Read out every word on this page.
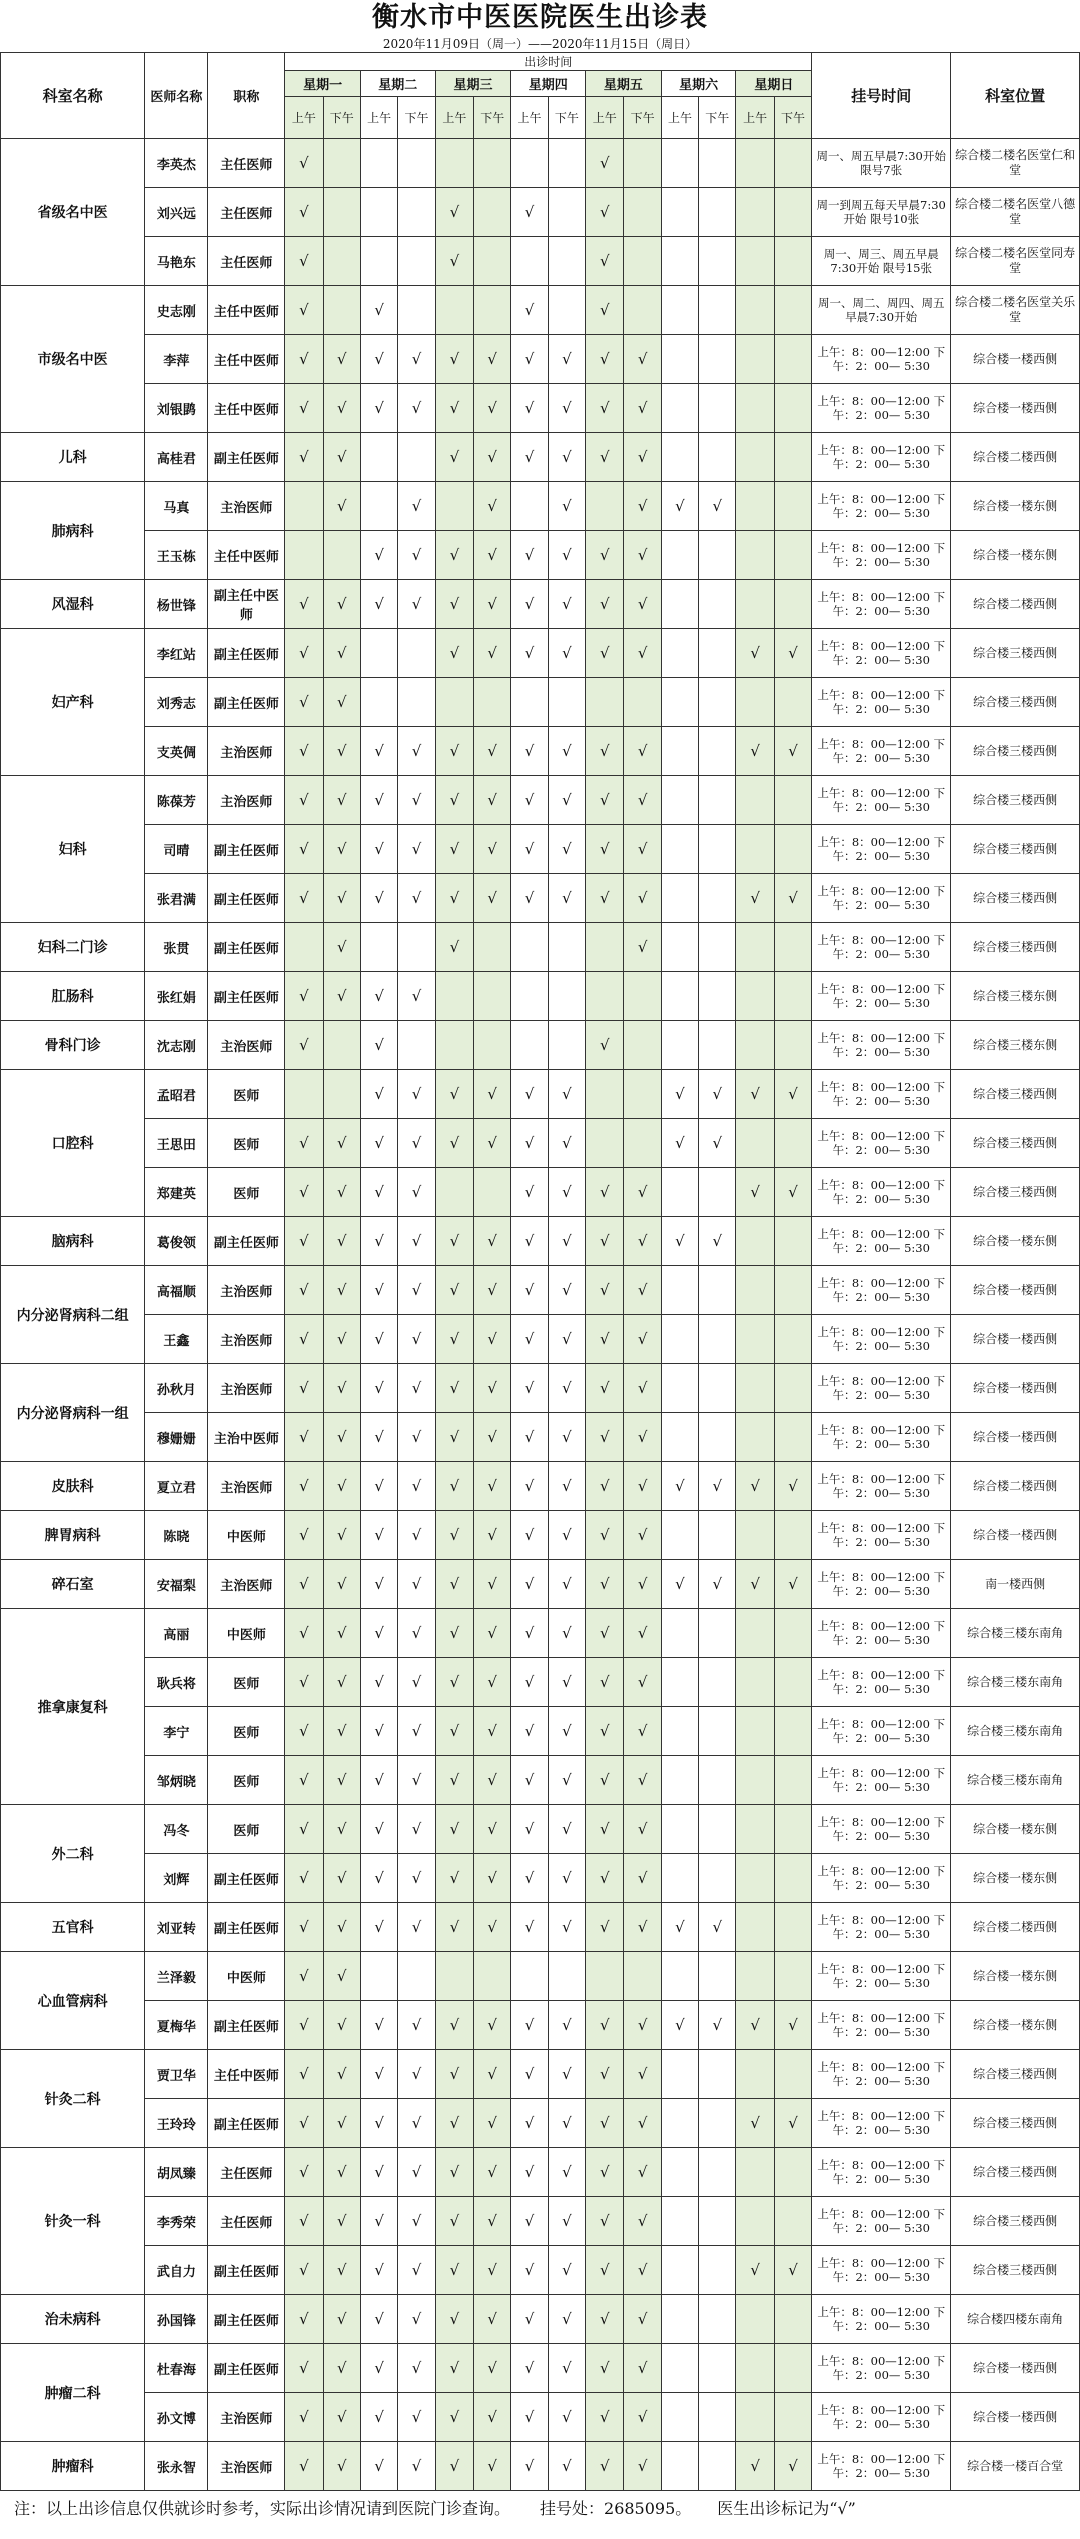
衡水市中医医院医生出诊表
2020年11月09日（周一）——2020年11月15日（周日）
科室名称	医师名称	职称	出诊时间														挂号时间	科室位置
			星期一		星期二		星期三		星期四		星期五		星期六		星期日			
			上午	下午	上午	下午	上午	下午	上午	下午	上午	下午	上午	下午	上午	下午		
省级名中医	李英杰	主任医师	√								√						周一、周五早晨7:30开始 限号7张	综合楼二楼名医堂仁和堂
	刘兴远	主任医师	√				√		√		√						周一到周五每天早晨7:30开始 限号10张	综合楼二楼名医堂八德堂
	马艳东	主任医师	√				√				√						周一、周三、周五早晨7:30开始 限号15张	综合楼二楼名医堂同寿堂
市级名中医	史志刚	主任中医师	√		√				√		√						周一、周二、周四、周五 早晨7:30开始	综合楼二楼名医堂关乐堂
	李萍	主任中医师	√	√	√	√	√	√	√	√	√	√					上午：8：00—12:00 下午：2：00— 5:30	综合楼一楼西侧
	刘银鹍	主任中医师	√	√	√	√	√	√	√	√	√	√					上午：8：00—12:00 下午：2：00— 5:30	综合楼一楼西侧
儿科	高桂君	副主任医师	√	√			√	√	√	√	√	√					上午：8：00—12:00 下午：2：00— 5:30	综合楼二楼西侧
肺病科	马真	主治医师		√		√		√		√		√	√	√			上午：8：00—12:00 下午：2：00— 5:30	综合楼一楼东侧
	王玉栋	主任中医师			√	√	√	√	√	√	√	√					上午：8：00—12:00 下午：2：00— 5:30	综合楼一楼东侧
风湿科	杨世锋	副主任中医师	√	√	√	√	√	√	√	√	√	√					上午：8：00—12:00 下午：2：00— 5:30	综合楼二楼西侧
妇产科	李红站	副主任医师	√	√			√	√	√	√	√	√			√	√	上午：8：00—12:00 下午：2：00— 5:30	综合楼三楼西侧
	刘秀志	副主任医师	√	√													上午：8：00—12:00 下午：2：00— 5:30	综合楼三楼西侧
	支英倜	主治医师	√	√	√	√	√	√	√	√	√	√			√	√	上午：8：00—12:00 下午：2：00— 5:30	综合楼三楼西侧
妇科	陈葆芳	主治医师	√	√	√	√	√	√	√	√	√	√					上午：8：00—12:00 下午：2：00— 5:30	综合楼三楼西侧
	司晴	副主任医师	√	√	√	√	√	√	√	√	√	√					上午：8：00—12:00 下午：2：00— 5:30	综合楼三楼西侧
	张君满	副主任医师	√	√	√	√	√	√	√	√	√	√			√	√	上午：8：00—12:00 下午：2：00— 5:30	综合楼三楼西侧
妇科二门诊	张贯	副主任医师		√			√					√					上午：8：00—12:00 下午：2：00— 5:30	综合楼三楼西侧
肛肠科	张红娟	副主任医师	√	√	√	√											上午：8：00—12:00 下午：2：00— 5:30	综合楼三楼东侧
骨科门诊	沈志刚	主治医师	√		√						√						上午：8：00—12:00 下午：2：00— 5:30	综合楼三楼东侧
口腔科	孟昭君	医师			√	√	√	√	√	√			√	√	√	√	上午：8：00—12:00 下午：2：00— 5:30	综合楼三楼西侧
	王思田	医师	√	√	√	√	√	√	√	√			√	√			上午：8：00—12:00 下午：2：00— 5:30	综合楼三楼西侧
	郑建英	医师	√	√	√	√			√	√	√	√			√	√	上午：8：00—12:00 下午：2：00— 5:30	综合楼三楼西侧
脑病科	葛俊领	副主任医师	√	√	√	√	√	√	√	√	√	√	√	√			上午：8：00—12:00 下午：2：00— 5:30	综合楼一楼东侧
内分泌肾病科二组	高福顺	主治医师	√	√	√	√	√	√	√	√	√	√					上午：8：00—12:00 下午：2：00— 5:30	综合楼一楼西侧
	王鑫	主治医师	√	√	√	√	√	√	√	√	√	√					上午：8：00—12:00 下午：2：00— 5:30	综合楼一楼西侧
内分泌肾病科一组	孙秋月	主治医师	√	√	√	√	√	√	√	√	√	√					上午：8：00—12:00 下午：2：00— 5:30	综合楼一楼西侧
	穆姗姗	主治中医师	√	√	√	√	√	√	√	√	√	√					上午：8：00—12:00 下午：2：00— 5:30	综合楼一楼西侧
皮肤科	夏立君	主治医师	√	√	√	√	√	√	√	√	√	√	√	√	√	√	上午：8：00—12:00 下午：2：00— 5:30	综合楼二楼西侧
脾胃病科	陈晓	中医师	√	√	√	√	√	√	√	√	√	√					上午：8：00—12:00 下午：2：00— 5:30	综合楼一楼西侧
碎石室	安福梨	主治医师	√	√	√	√	√	√	√	√	√	√	√	√	√	√	上午：8：00—12:00 下午：2：00— 5:30	南一楼西侧
推拿康复科	高丽	中医师	√	√	√	√	√	√	√	√	√	√					上午：8：00—12:00 下午：2：00— 5:30	综合楼三楼东南角
	耿兵将	医师	√	√	√	√	√	√	√	√	√	√					上午：8：00—12:00 下午：2：00— 5:30	综合楼三楼东南角
	李宁	医师	√	√	√	√	√	√	√	√	√	√					上午：8：00—12:00 下午：2：00— 5:30	综合楼三楼东南角
	邹炳晓	医师	√	√	√	√	√	√	√	√	√	√					上午：8：00—12:00 下午：2：00— 5:30	综合楼三楼东南角
外二科	冯冬	医师	√	√	√	√	√	√	√	√	√	√					上午：8：00—12:00 下午：2：00— 5:30	综合楼一楼东侧
	刘辉	副主任医师	√	√	√	√	√	√	√	√	√	√					上午：8：00—12:00 下午：2：00— 5:30	综合楼一楼东侧
五官科	刘亚转	副主任医师	√	√	√	√	√	√	√	√	√	√	√	√			上午：8：00—12:00 下午：2：00— 5:30	综合楼二楼西侧
心血管病科	兰泽毅	中医师	√	√													上午：8：00—12:00 下午：2：00— 5:30	综合楼一楼东侧
	夏梅华	副主任医师	√	√	√	√	√	√	√	√	√	√	√	√	√	√	上午：8：00—12:00 下午：2：00— 5:30	综合楼一楼东侧
针灸二科	贾卫华	主任中医师	√	√	√	√	√	√	√	√	√	√					上午：8：00—12:00 下午：2：00— 5:30	综合楼三楼西侧
	王玲玲	副主任医师	√	√	√	√	√	√	√	√	√	√			√	√	上午：8：00—12:00 下午：2：00— 5:30	综合楼三楼西侧
针灸一科	胡凤臻	主任医师	√	√	√	√	√	√	√	√	√	√					上午：8：00—12:00 下午：2：00— 5:30	综合楼三楼西侧
	李秀荣	主任医师	√	√	√	√	√	√	√	√	√	√					上午：8：00—12:00 下午：2：00— 5:30	综合楼三楼西侧
	武自力	副主任医师	√	√	√	√	√	√	√	√	√	√			√	√	上午：8：00—12:00 下午：2：00— 5:30	综合楼三楼西侧
治未病科	孙国锋	副主任医师	√	√	√	√	√	√	√	√	√	√					上午：8：00—12:00 下午：2：00— 5:30	综合楼四楼东南角
肿瘤二科	杜春海	副主任医师	√	√	√	√	√	√	√	√	√	√					上午：8：00—12:00 下午：2：00— 5:30	综合楼一楼西侧
	孙文博	主治医师	√	√	√	√	√	√	√	√	√	√					上午：8：00—12:00 下午：2：00— 5:30	综合楼一楼西侧
肿瘤科	张永智	主治医师	√	√	√	√	√	√	√	√	√	√			√	√	上午：8：00—12:00 下午：2：00— 5:30	综合楼一楼百合堂
注：以上出诊信息仅供就诊时参考，实际出诊情况请到医院门诊查询。 挂号处：2685095。 医生出诊标记为“√”
